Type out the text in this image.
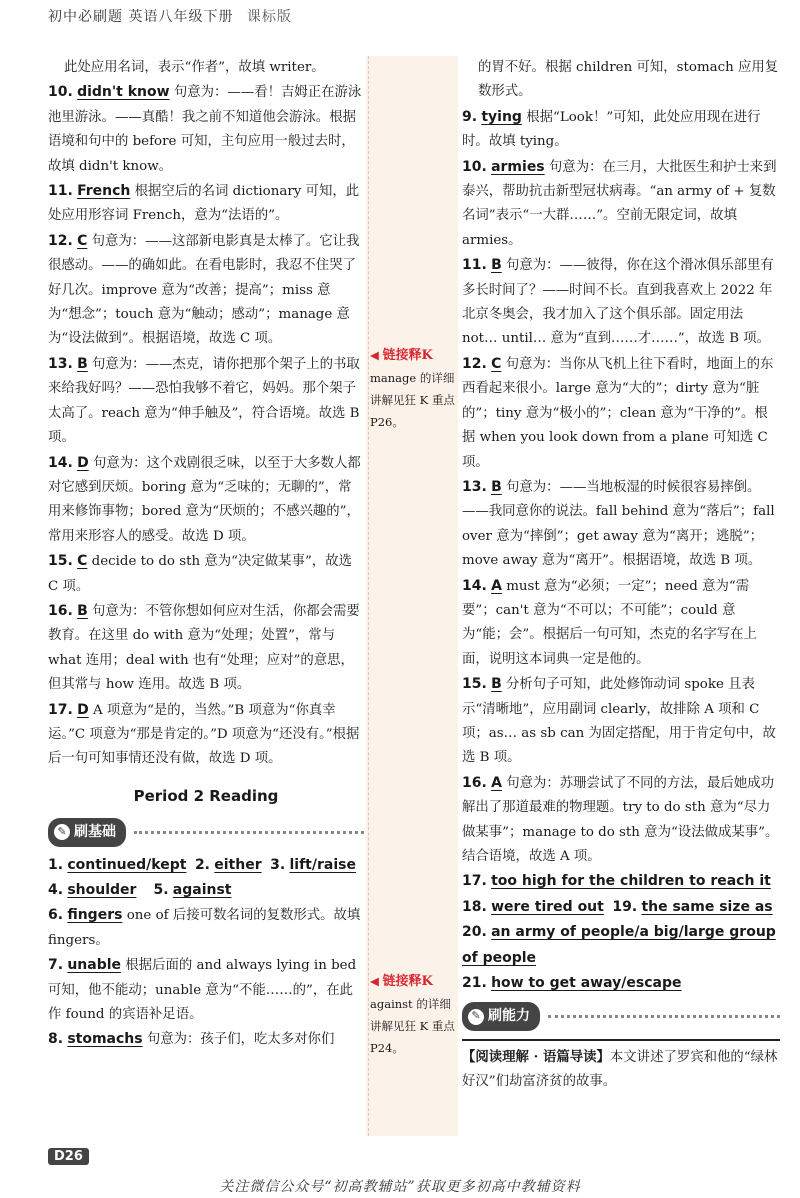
初中必刷题 英语八年级下册 课标版
◀ 链接释K
manage 的详细讲解见狂 K 重点 P26。
◀ 链接释K
against 的详细讲解见狂 K 重点 P24。

此处应用名词，表示“作者”，故填 writer。

10. didn't know 句意为：——看！吉姆正在游泳池里游泳。——真酷！我之前不知道他会游泳。根据语境和句中的 before 可知，主句应用一般过去时，故填 didn't know。

11. French 根据空后的名词 dictionary 可知，此处应用形容词 French，意为“法语的”。

12. C 句意为：——这部新电影真是太棒了。它让我很感动。——的确如此。在看电影时，我忍不住哭了好几次。improve 意为“改善；提高”；miss 意为“想念”；touch 意为“触动；感动”；manage 意为“设法做到”。根据语境，故选 C 项。

13. B 句意为：——杰克，请你把那个架子上的书取来给我好吗？——恐怕我够不着它，妈妈。那个架子太高了。reach 意为“伸手触及”，符合语境。故选 B 项。

14. D 句意为：这个戏剧很乏味，以至于大多数人都对它感到厌烦。boring 意为“乏味的；无聊的”，常用来修饰事物；bored 意为“厌烦的；不感兴趣的”，常用来形容人的感受。故选 D 项。

15. C decide to do sth 意为“决定做某事”，故选 C 项。

16. B 句意为：不管你想如何应对生活，你都会需要教育。在这里 do with 意为“处理；处置”，常与 what 连用；deal with 也有“处理；应对”的意思，但其常与 how 连用。故选 B 项。

17. D A 项意为“是的，当然。”B 项意为“你真幸运。”C 项意为“那是肯定的。”D 项意为“还没有。”根据后一句可知事情还没有做，故选 D 项。

Period 2 Reading
✎ 刷基础

1. continued/kept 2. either 3. lift/raise

4. shoulder 5. against

6. fingers one of 后接可数名词的复数形式。故填 fingers。

7. unable 根据后面的 and always lying in bed 可知，他不能动；unable 意为“不能……的”，在此作 found 的宾语补足语。

8. stomachs 句意为：孩子们，吃太多对你们

的胃不好。根据 children 可知，stomach 应用复数形式。

9. tying 根据“Look！”可知，此处应用现在进行时。故填 tying。

10. armies 句意为：在三月，大批医生和护士来到泰兴，帮助抗击新型冠状病毒。“an army of + 复数名词”表示“一大群……”。空前无限定词，故填 armies。

11. B 句意为：——彼得，你在这个滑冰俱乐部里有多长时间了？——时间不长。直到我喜欢上 2022 年北京冬奥会，我才加入了这个俱乐部。固定用法 not… until… 意为“直到……才……”，故选 B 项。

12. C 句意为：当你从飞机上往下看时，地面上的东西看起来很小。large 意为“大的”；dirty 意为“脏的”；tiny 意为“极小的”；clean 意为“干净的”。根据 when you look down from a plane 可知选 C 项。

13. B 句意为：——当地板湿的时候很容易摔倒。——我同意你的说法。fall behind 意为“落后”；fall over 意为“摔倒”；get away 意为“离开；逃脱”；move away 意为“离开”。根据语境，故选 B 项。

14. A must 意为“必须；一定”；need 意为“需要”；can't 意为“不可以；不可能”；could 意为“能；会”。根据后一句可知，杰克的名字写在上面，说明这本词典一定是他的。

15. B 分析句子可知，此处修饰动词 spoke 且表示“清晰地”，应用副词 clearly，故排除 A 项和 C 项；as… as sb can 为固定搭配，用于肯定句中，故选 B 项。

16. A 句意为：苏珊尝试了不同的方法，最后她成功解出了那道最难的物理题。try to do sth 意为“尽力做某事”；manage to do sth 意为“设法做成某事”。结合语境，故选 A 项。

17. too high for the children to reach it

18. were tired out 19. the same size as

20. an army of people/a big/large group of people

21. how to get away/escape

✎ 刷能力
【阅读理解 · 语篇导读】本文讲述了罗宾和他的“绿林好汉”们劫富济贫的故事。
D26
关注微信公众号“初高教辅站”获取更多初高中教辅资料
